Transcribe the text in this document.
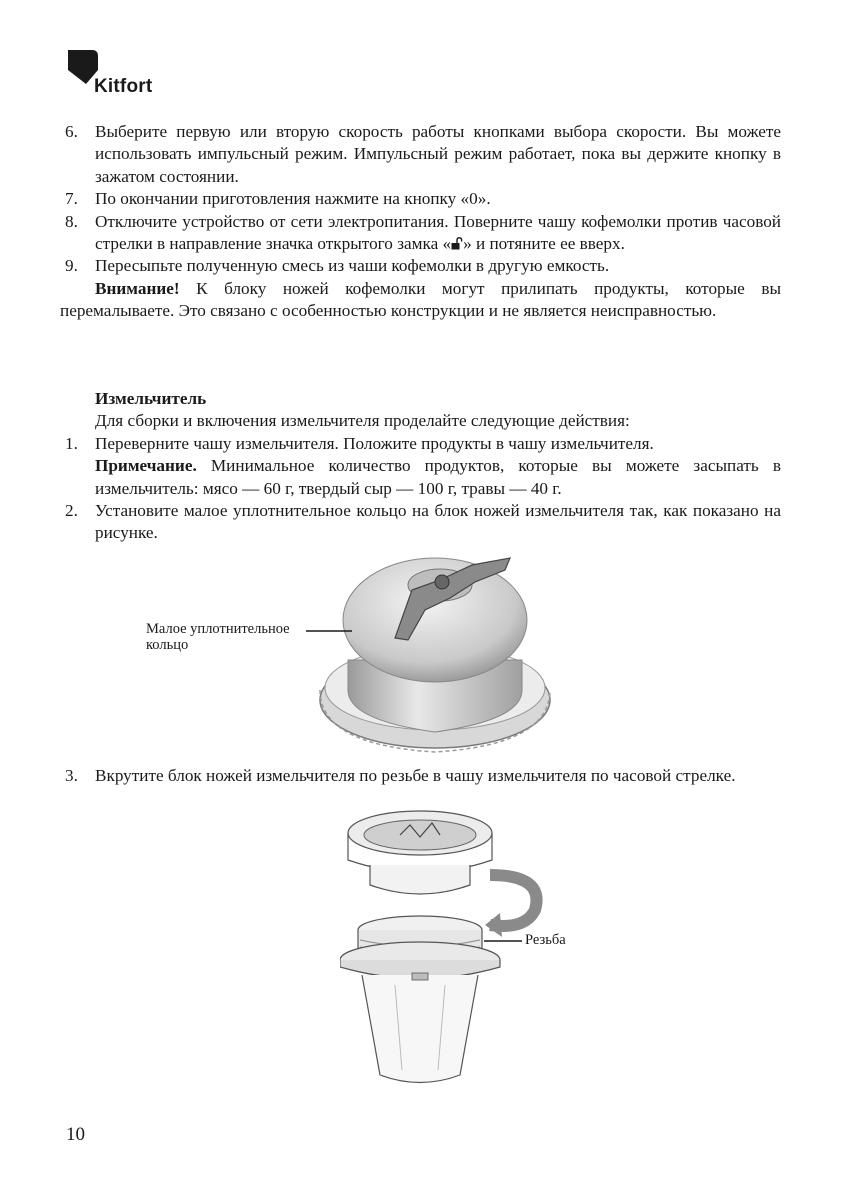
Kitfort
6. Выберите первую или вторую скорость работы кнопками выбора скорости. Вы можете использовать импульсный режим. Импульсный режим работает, пока вы держите кнопку в зажатом состоянии.
7. По окончании приготовления нажмите на кнопку «0».
8. Отключите устройство от сети электропитания. Поверните чашу кофемолки против часовой стрелки в направление значка открытого замка « » и потяните ее вверх.
9. Пересыпьте полученную смесь из чаши кофемолки в другую емкость.
Внимание! К блоку ножей кофемолки могут прилипать продукты, которые вы перемалываете. Это связано с особенностью конструкции и не является неисправностью.
Измельчитель
Для сборки и включения измельчителя проделайте следующие действия:
1. Переверните чашу измельчителя. Положите продукты в чашу измельчителя.
Примечание. Минимальное количество продуктов, которые вы можете засыпать в измельчитель: мясо — 60 г, твердый сыр — 100 г, травы — 40 г.
2. Установите малое уплотнительное кольцо на блок ножей измельчителя так, как показано на рисунке.
Малое уплотнительное
кольцо
3. Вкрутите блок ножей измельчителя по резьбе в чашу измельчителя по часовой стрелке.
Резьба
10
